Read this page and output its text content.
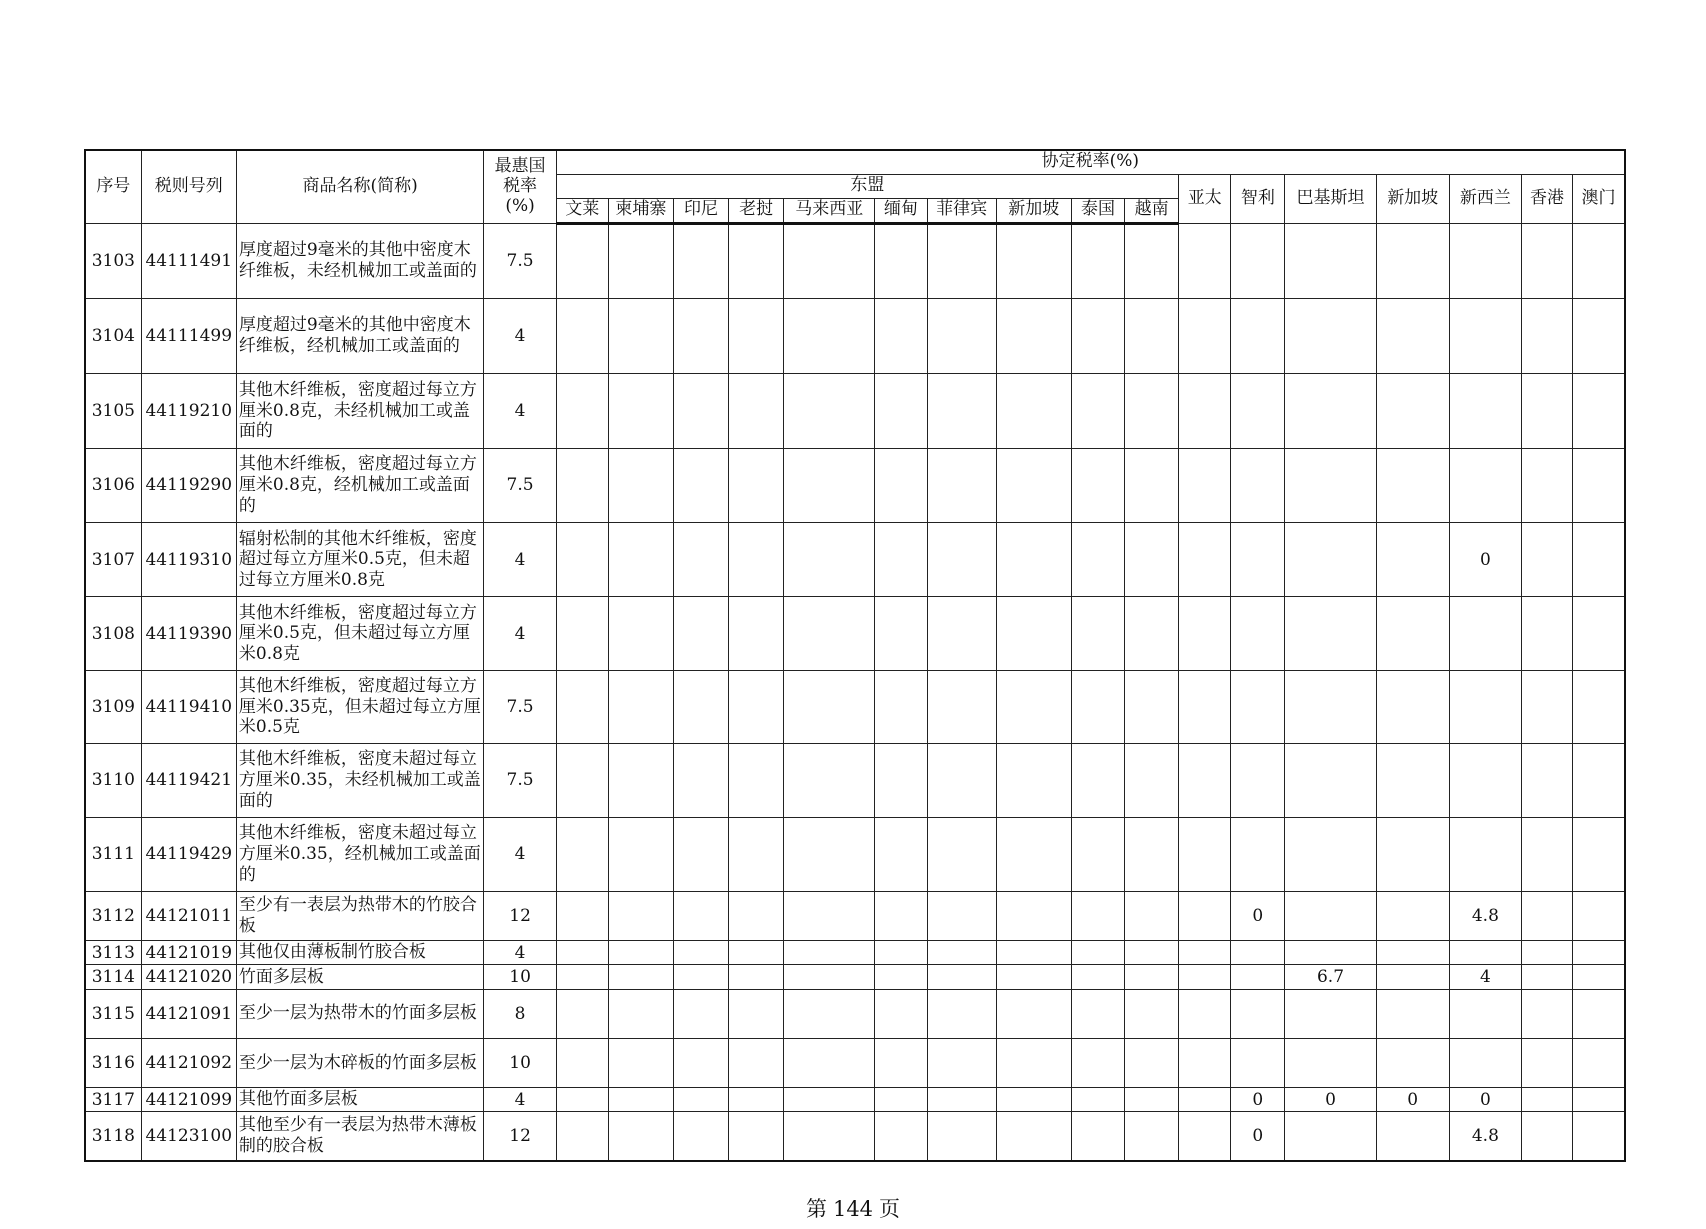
序号	税则号列	商品名称(简称)	最惠国
税率
(%)	协定税率(%)																
				东盟										亚太	智利	巴基斯坦	新加坡	新西兰	香港	澳门
				文莱	柬埔寨	印尼	老挝	马来西亚	缅甸	菲律宾	新加坡	泰国	越南							
3103	44111491	厚度超过9毫米的其他中密度木纤维板，未经机械加工或盖面的	7.5																	
3104	44111499	厚度超过9毫米的其他中密度木纤维板，经机械加工或盖面的	4																	
3105	44119210	其他木纤维板，密度超过每立方厘米0.8克，未经机械加工或盖面的	4																	
3106	44119290	其他木纤维板，密度超过每立方厘米0.8克，经机械加工或盖面的	7.5																	
3107	44119310	辐射松制的其他木纤维板，密度超过每立方厘米0.5克，但未超过每立方厘米0.8克	4															0		
3108	44119390	其他木纤维板，密度超过每立方厘米0.5克，但未超过每立方厘米0.8克	4																	
3109	44119410	其他木纤维板，密度超过每立方厘米0.35克，但未超过每立方厘米0.5克	7.5																	
3110	44119421	其他木纤维板，密度未超过每立方厘米0.35，未经机械加工或盖面的	7.5																	
3111	44119429	其他木纤维板，密度未超过每立方厘米0.35，经机械加工或盖面的	4																	
3112	44121011	至少有一表层为热带木的竹胶合板	12												0			4.8		
3113	44121019	其他仅由薄板制竹胶合板	4																	
3114	44121020	竹面多层板	10													6.7		4		
3115	44121091	至少一层为热带木的竹面多层板	8																	
3116	44121092	至少一层为木碎板的竹面多层板	10																	
3117	44121099	其他竹面多层板	4												0	0	0	0		
3118	44123100	其他至少有一表层为热带木薄板制的胶合板	12												0			4.8		
第 144 页
